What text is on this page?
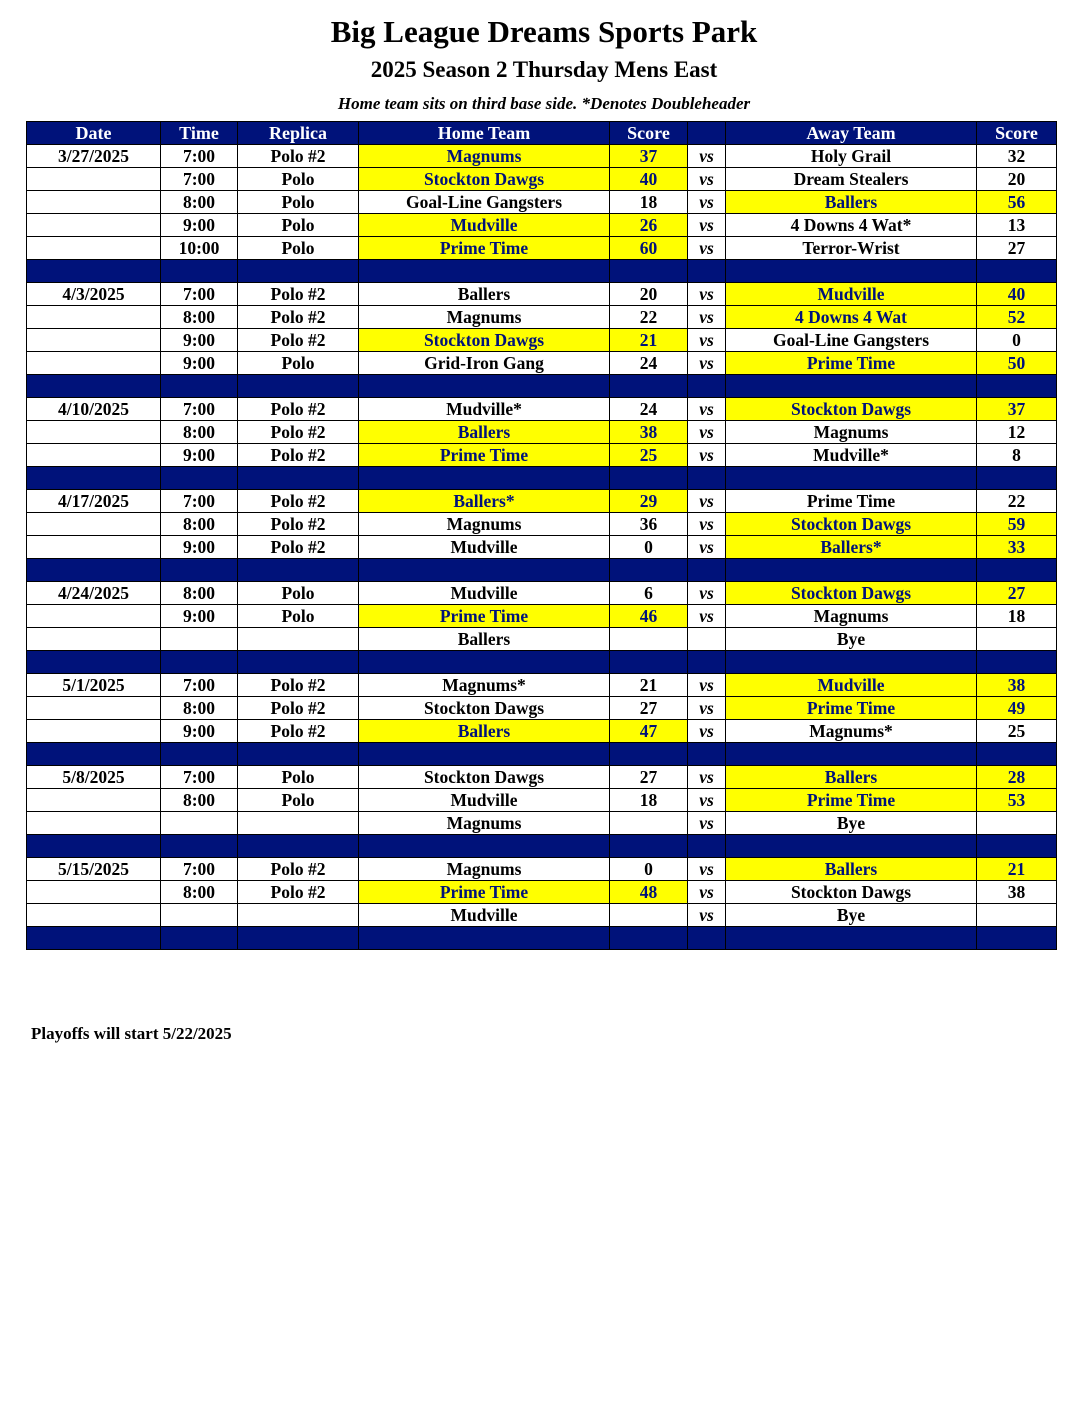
Big League Dreams Sports Park
2025 Season 2 Thursday Mens East
Home team sits on third base side. *Denotes Doubleheader
Date	Time	Replica	Home Team	Score		Away Team	Score
3/27/2025	7:00	Polo #2	Magnums	37	vs	Holy Grail	32
	7:00	Polo	Stockton Dawgs	40	vs	Dream Stealers	20
	8:00	Polo	Goal-Line Gangsters	18	vs	Ballers	56
	9:00	Polo	Mudville	26	vs	4 Downs 4 Wat*	13
	10:00	Polo	Prime Time	60	vs	Terror-Wrist	27

4/3/2025	7:00	Polo #2	Ballers	20	vs	Mudville	40
	8:00	Polo #2	Magnums	22	vs	4 Downs 4 Wat	52
	9:00	Polo #2	Stockton Dawgs	21	vs	Goal-Line Gangsters	0
	9:00	Polo	Grid-Iron Gang	24	vs	Prime Time	50

4/10/2025	7:00	Polo #2	Mudville*	24	vs	Stockton Dawgs	37
	8:00	Polo #2	Ballers	38	vs	Magnums	12
	9:00	Polo #2	Prime Time	25	vs	Mudville*	8

4/17/2025	7:00	Polo #2	Ballers*	29	vs	Prime Time	22
	8:00	Polo #2	Magnums	36	vs	Stockton Dawgs	59
	9:00	Polo #2	Mudville	0	vs	Ballers*	33

4/24/2025	8:00	Polo	Mudville	6	vs	Stockton Dawgs	27
	9:00	Polo	Prime Time	46	vs	Magnums	18
			Ballers			Bye	

5/1/2025	7:00	Polo #2	Magnums*	21	vs	Mudville	38
	8:00	Polo #2	Stockton Dawgs	27	vs	Prime Time	49
	9:00	Polo #2	Ballers	47	vs	Magnums*	25

5/8/2025	7:00	Polo	Stockton Dawgs	27	vs	Ballers	28
	8:00	Polo	Mudville	18	vs	Prime Time	53
			Magnums		vs	Bye	

5/15/2025	7:00	Polo #2	Magnums	0	vs	Ballers	21
	8:00	Polo #2	Prime Time	48	vs	Stockton Dawgs	38
			Mudville		vs	Bye	

Playoffs will start 5/22/2025
